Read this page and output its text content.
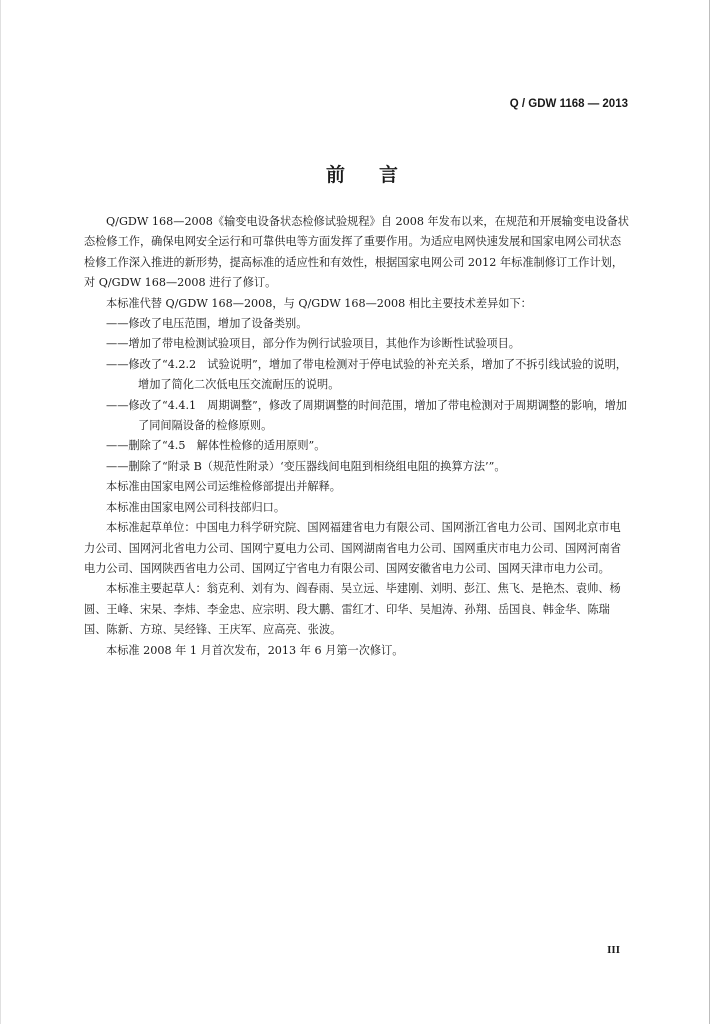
Q / GDW 1168 — 2013
前言

Q/GDW 168—2008《输变电设备状态检修试验规程》自 2008 年发布以来，在规范和开展输变电设备状态检修工作，确保电网安全运行和可靠供电等方面发挥了重要作用。为适应电网快速发展和国家电网公司状态检修工作深入推进的新形势，提高标准的适应性和有效性，根据国家电网公司 2012 年标准制修订工作计划，对 Q/GDW 168—2008 进行了修订。

本标准代替 Q/GDW 168—2008，与 Q/GDW 168—2008 相比主要技术差异如下：

——修改了电压范围，增加了设备类别。

——增加了带电检测试验项目，部分作为例行试验项目，其他作为诊断性试验项目。

——修改了“4.2.2　试验说明”，增加了带电检测对于停电试验的补充关系，增加了不拆引线试验的说明，增加了简化二次低电压交流耐压的说明。

——修改了“4.4.1　周期调整”，修改了周期调整的时间范围，增加了带电检测对于周期调整的影响，增加了同间隔设备的检修原则。

——删除了“4.5　解体性检修的适用原则”。

——删除了“附录 B（规范性附录）‘变压器线间电阻到相绕组电阻的换算方法’”。

本标准由国家电网公司运维检修部提出并解释。

本标准由国家电网公司科技部归口。

本标准起草单位：中国电力科学研究院、国网福建省电力有限公司、国网浙江省电力公司、国网北京市电力公司、国网河北省电力公司、国网宁夏电力公司、国网湖南省电力公司、国网重庆市电力公司、国网河南省电力公司、国网陕西省电力公司、国网辽宁省电力有限公司、国网安徽省电力公司、国网天津市电力公司。

本标准主要起草人：翁克利、刘有为、阎春雨、吴立远、毕建刚、刘明、彭江、焦飞、是艳杰、袁帅、杨圆、王峰、宋杲、李炜、李金忠、应宗明、段大鹏、雷红才、印华、吴旭涛、孙翔、岳国良、韩金华、陈瑞国、陈新、方琼、吴经锋、王庆军、应高亮、张波。

本标准 2008 年 1 月首次发布，2013 年 6 月第一次修订。

III
